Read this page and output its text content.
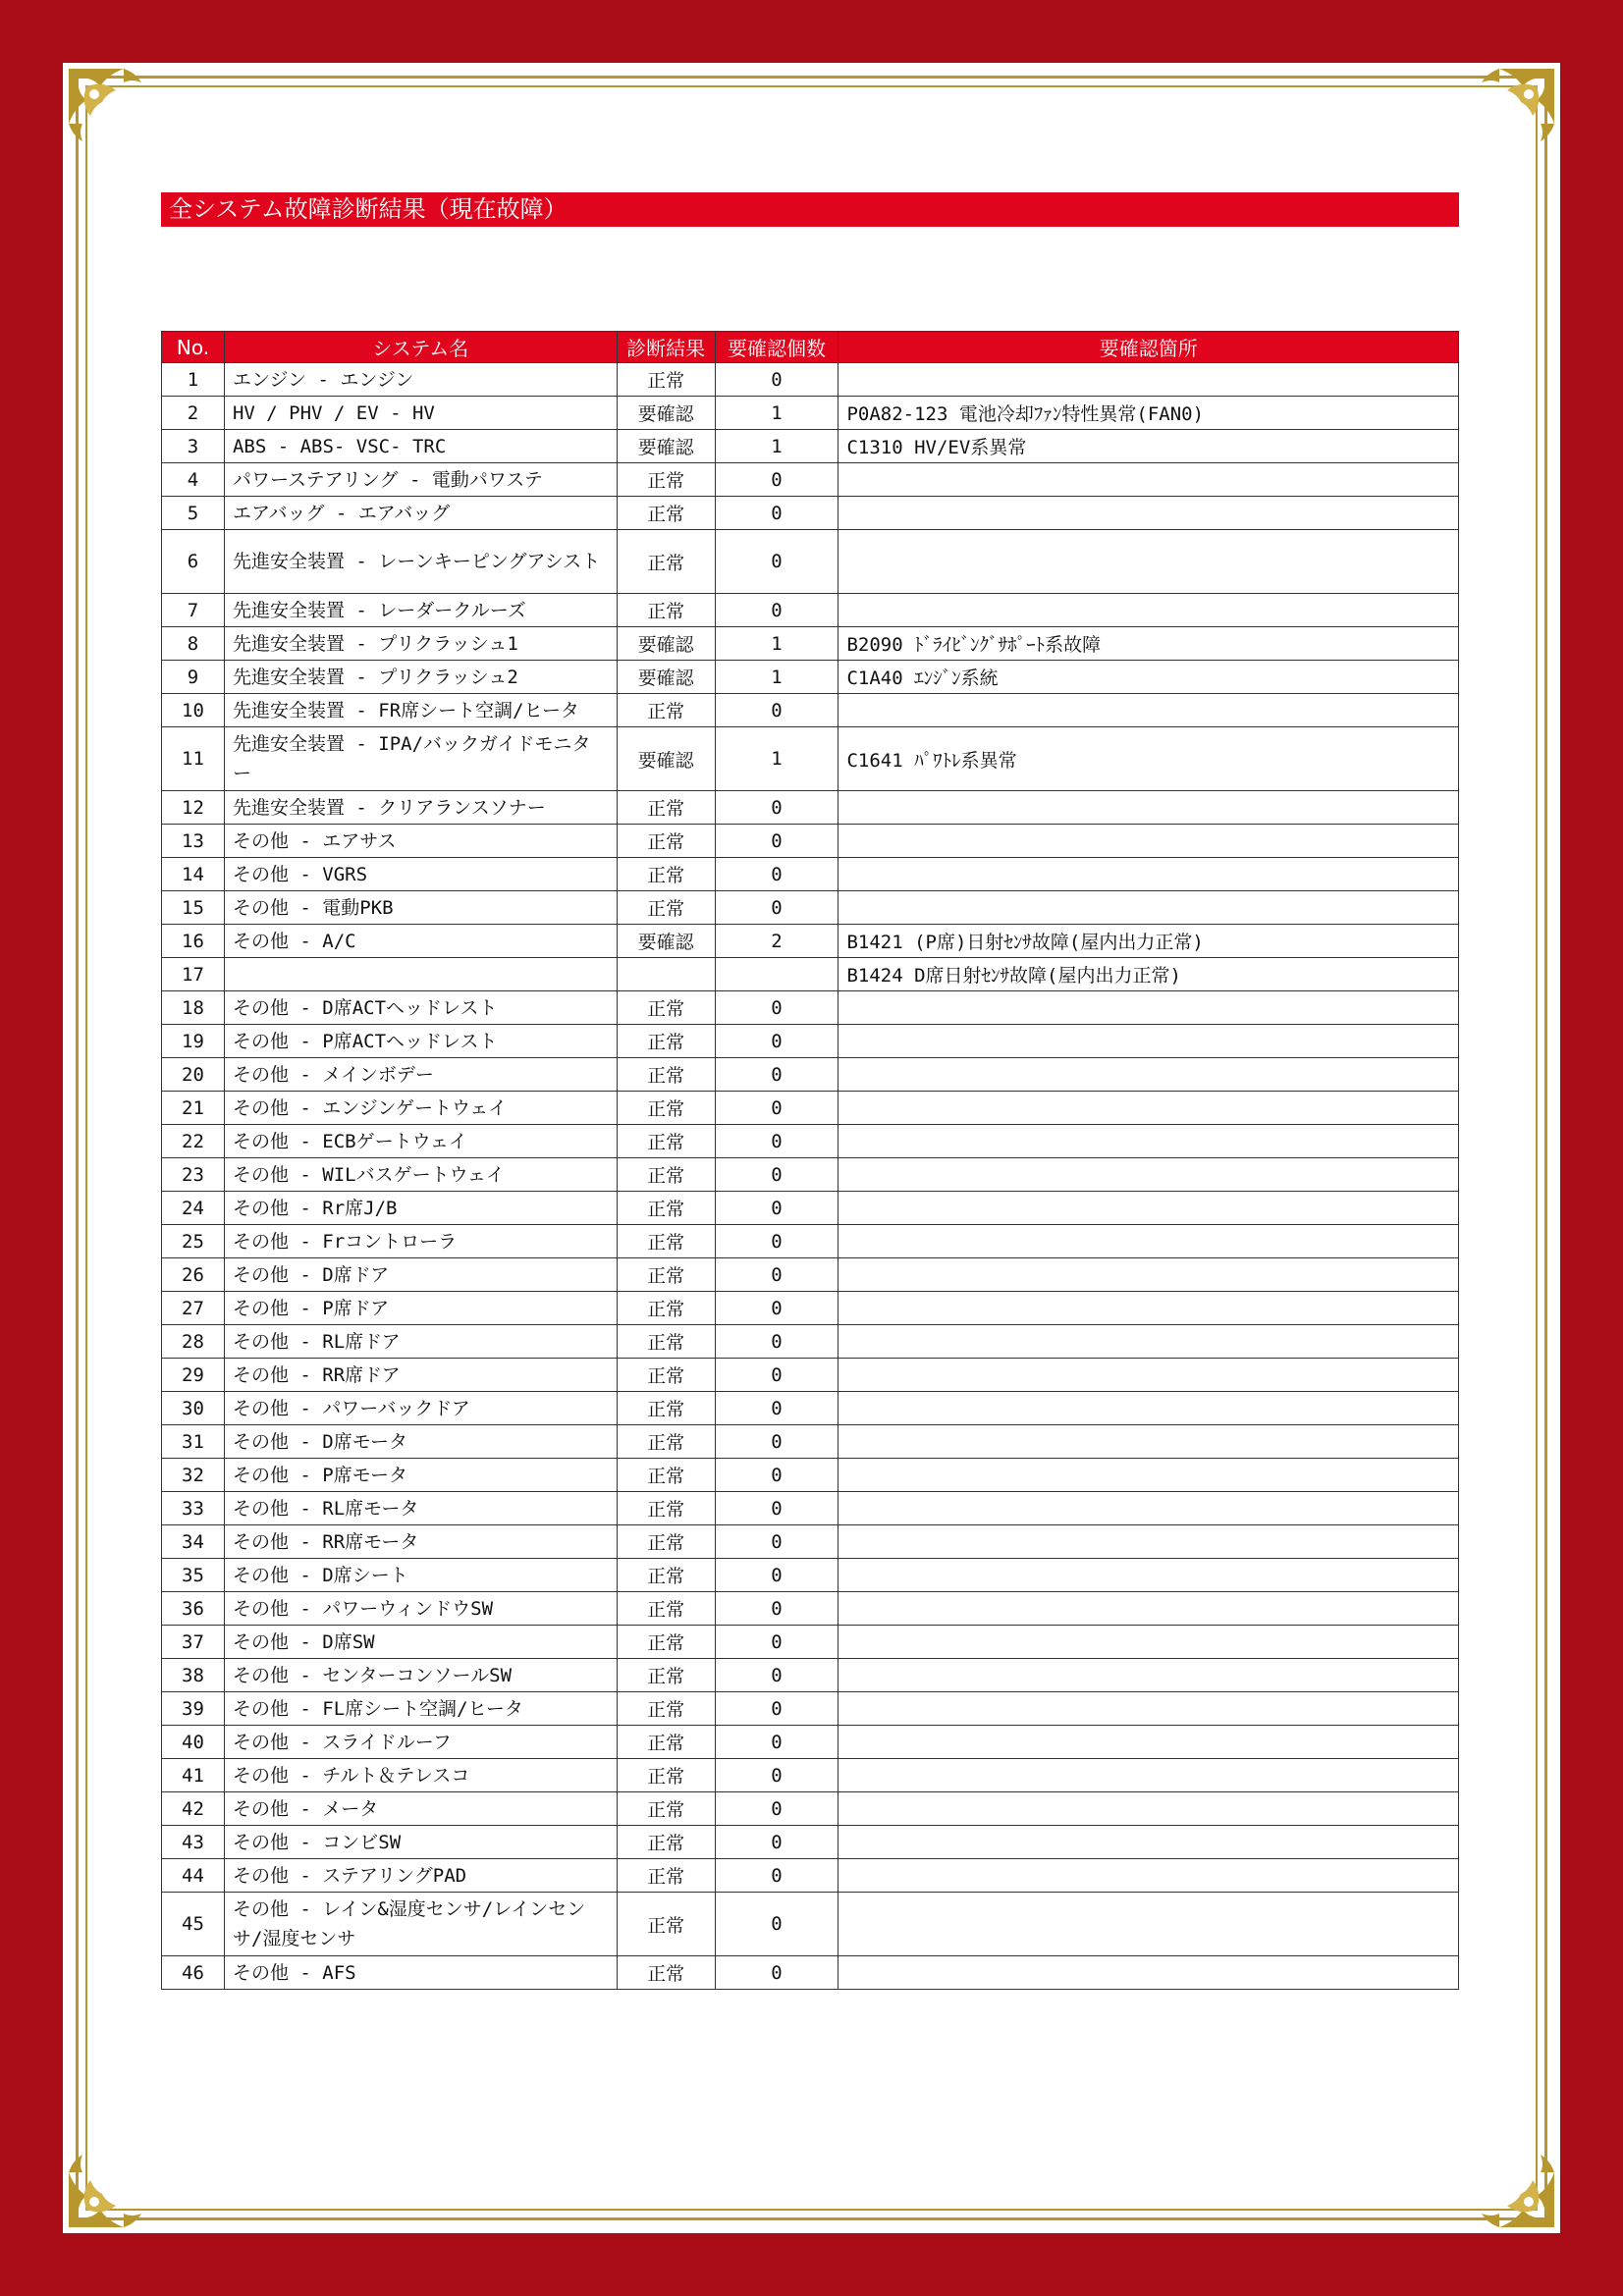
全システム故障診断結果（現在故障）
No.	システム名	診断結果	要確認個数	要確認箇所
1	エンジン - エンジン	正常	0	
2	HV / PHV / EV - HV	要確認	1	P0A82-123 電池冷却ﾌｧﾝ特性異常(FAN0)
3	ABS - ABS- VSC- TRC	要確認	1	C1310 HV/EV系異常
4	パワーステアリング - 電動パワステ	正常	0	
5	エアバッグ - エアバッグ	正常	0	
6	先進安全装置 - レーンキーピングアシスト	正常	0	
7	先進安全装置 - レーダークルーズ	正常	0	
8	先進安全装置 - プリクラッシュ1	要確認	1	B2090 ﾄﾞﾗｲﾋﾞﾝｸﾞｻﾎﾟｰﾄ系故障
9	先進安全装置 - プリクラッシュ2	要確認	1	C1A40 ｴﾝｼﾞﾝ系統
10	先進安全装置 - FR席シート空調/ヒータ	正常	0	
11	先進安全装置 - IPA/バックガイドモニター	要確認	1	C1641 ﾊﾟﾜﾄﾚ系異常
12	先進安全装置 - クリアランスソナー	正常	0	
13	その他 - エアサス	正常	0	
14	その他 - VGRS	正常	0	
15	その他 - 電動PKB	正常	0	
16	その他 - A/C	要確認	2	B1421 (P席)日射ｾﾝｻ故障(屋内出力正常)
17				B1424 D席日射ｾﾝｻ故障(屋内出力正常)
18	その他 - D席ACTヘッドレスト	正常	0	
19	その他 - P席ACTヘッドレスト	正常	0	
20	その他 - メインボデー	正常	0	
21	その他 - エンジンゲートウェイ	正常	0	
22	その他 - ECBゲートウェイ	正常	0	
23	その他 - WILバスゲートウェイ	正常	0	
24	その他 - Rr席J/B	正常	0	
25	その他 - Frコントローラ	正常	0	
26	その他 - D席ドア	正常	0	
27	その他 - P席ドア	正常	0	
28	その他 - RL席ドア	正常	0	
29	その他 - RR席ドア	正常	0	
30	その他 - パワーバックドア	正常	0	
31	その他 - D席モータ	正常	0	
32	その他 - P席モータ	正常	0	
33	その他 - RL席モータ	正常	0	
34	その他 - RR席モータ	正常	0	
35	その他 - D席シート	正常	0	
36	その他 - パワーウィンドウSW	正常	0	
37	その他 - D席SW	正常	0	
38	その他 - センターコンソールSW	正常	0	
39	その他 - FL席シート空調/ヒータ	正常	0	
40	その他 - スライドルーフ	正常	0	
41	その他 - チルト＆テレスコ	正常	0	
42	その他 - メータ	正常	0	
43	その他 - コンビSW	正常	0	
44	その他 - ステアリングPAD	正常	0	
45	その他 - レイン&湿度センサ/レインセンサ/湿度センサ	正常	0	
46	その他 - AFS	正常	0	
